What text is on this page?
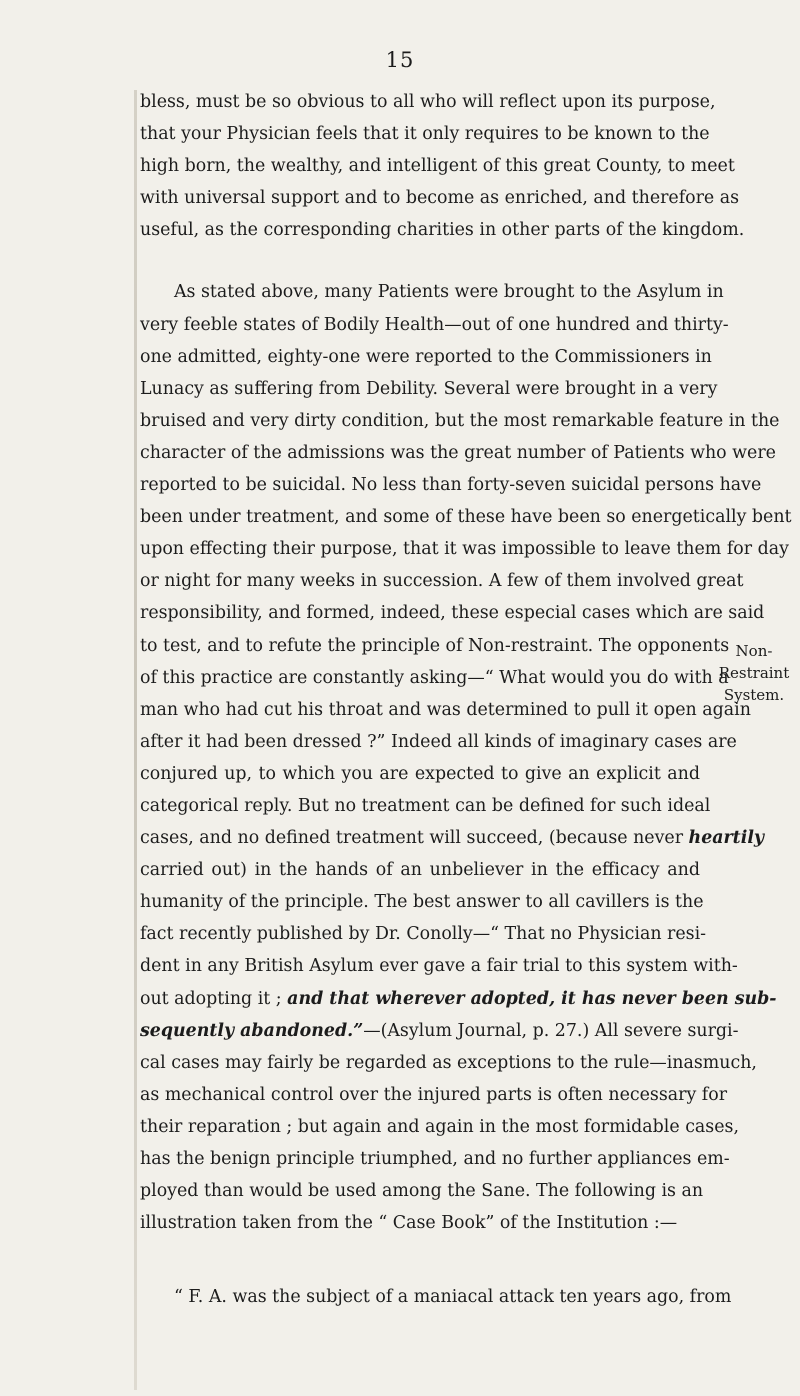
15
bless, must be so obvious to all who will reflect upon its purpose,
that your Physician feels that it only requires to be known to the
high born, the wealthy, and intelligent of this great County, to meet
with universal support and to become as enriched, and therefore as
useful, as the corresponding charities in other parts of the kingdom.
As stated above, many Patients were brought to the Asylum in
very feeble states of Bodily Health—out of one hundred and thirty-
one admitted, eighty-one were reported to the Commissioners in
Lunacy as suffering from Debility. Several were brought in a very
bruised and very dirty condition, but the most remarkable feature in the
character of the admissions was the great number of Patients who were
reported to be suicidal. No less than forty-seven suicidal persons have
been under treatment, and some of these have been so energetically bent
upon effecting their purpose, that it was impossible to leave them for day
or night for many weeks in succession. A few of them involved great
responsibility, and formed, indeed, these especial cases which are said
to test, and to refute the principle of Non-restraint. The opponents
of this practice are constantly asking—“ What would you do with a
man who had cut his throat and was determined to pull it open again
after it had been dressed ?” Indeed all kinds of imaginary cases are
conjured up, to which you are expected to give an explicit and
categorical reply. But no treatment can be defined for such ideal
cases, and no defined treatment will succeed, (because never heartily
carried out) in the hands of an unbeliever in the efficacy and
humanity of the principle. The best answer to all cavillers is the
fact recently published by Dr. Conolly—“ That no Physician resi-
dent in any British Asylum ever gave a fair trial to this system with-
out adopting it ; and that wherever adopted, it has never been sub-
sequently abandoned.”—(Asylum Journal, p. 27.) All severe surgi-
cal cases may fairly be regarded as exceptions to the rule—inasmuch,
as mechanical control over the injured parts is often necessary for
their reparation ; but again and again in the most formidable cases,
has the benign principle triumphed, and no further appliances em-
ployed than would be used among the Sane. The following is an
illustration taken from the “ Case Book” of the Institution :—
“ F. A. was the subject of a maniacal attack ten years ago, from
Non-
Restraint
System.
